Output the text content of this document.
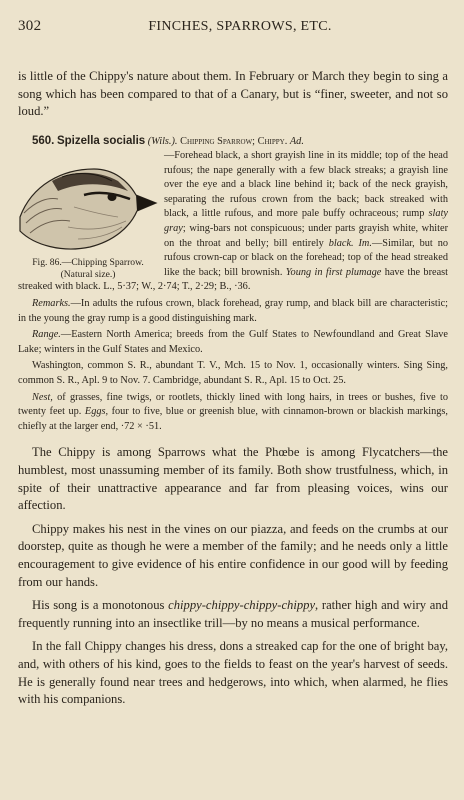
302	FINCHES, SPARROWS, ETC.

is little of the Chippy's nature about them. In February or March they begin to sing a song which has been compared to that of a Canary, but is “finer, sweeter, and not so loud.”

560. Spizella socialis (Wils.). Chipping Sparrow; Chippy. Ad.
Fig. 86.—Chipping Sparrow.
(Natural size.)
—Forehead black, a short grayish line in its middle; top of the head rufous; the nape generally with a few black streaks; a grayish line over the eye and a black line behind it; back of the neck grayish, separating the rufous crown from the back; back streaked with black, a little rufous, and more pale buffy ochraceous; rump slaty gray; wing-bars not conspicuous; under parts grayish white, whiter on the throat and belly; bill entirely black. Im.—Similar, but no rufous crown-cap or black on the forehead; top of the head streaked like the back; bill brownish. Young in first plumage have the breast streaked with black. L., 5·37; W., 2·74; T., 2·29; B., ·36.

Remarks.—In adults the rufous crown, black forehead, gray rump, and black bill are characteristic; in the young the gray rump is a good distinguishing mark.

Range.—Eastern North America; breeds from the Gulf States to Newfoundland and Great Slave Lake; winters in the Gulf States and Mexico.

Washington, common S. R., abundant T. V., Mch. 15 to Nov. 1, occasionally winters. Sing Sing, common S. R., Apl. 9 to Nov. 7. Cambridge, abundant S. R., Apl. 15 to Oct. 25.

Nest, of grasses, fine twigs, or rootlets, thickly lined with long hairs, in trees or bushes, five to twenty feet up. Eggs, four to five, blue or greenish blue, with cinnamon-brown or blackish markings, chiefly at the larger end, ·72 × ·51.

The Chippy is among Sparrows what the Phœbe is among Flycatchers—the humblest, most unassuming member of its family. Both show trustfulness, which, in spite of their unattractive appearance and far from pleasing voices, wins our affection.

Chippy makes his nest in the vines on our piazza, and feeds on the crumbs at our doorstep, quite as though he were a member of the family; and he needs only a little encouragement to give evidence of his entire confidence in our good will by feeding from our hands.

His song is a monotonous chippy-chippy-chippy-chippy, rather high and wiry and frequently running into an insectlike trill—by no means a musical performance.

In the fall Chippy changes his dress, dons a streaked cap for the one of bright bay, and, with others of his kind, goes to the fields to feast on the year's harvest of seeds. He is generally found near trees and hedgerows, into which, when alarmed, he flies with his companions.
